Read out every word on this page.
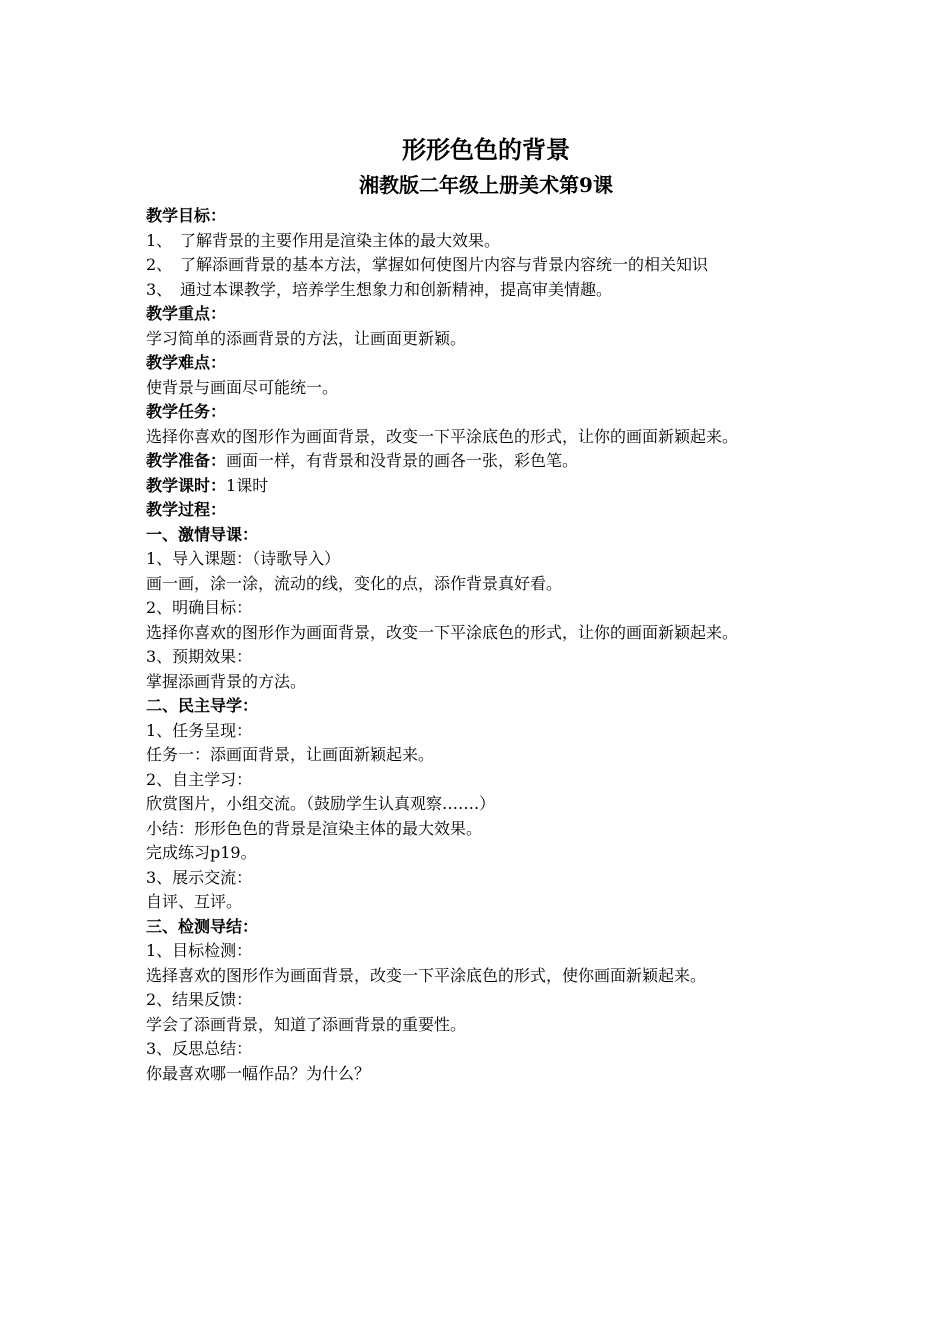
形形色色的背景
湘教版二年级上册美术第9课

教学目标：

1、 了解背景的主要作用是渲染主体的最大效果。

2、 了解添画背景的基本方法，掌握如何使图片内容与背景内容统一的相关知识

3、 通过本课教学，培养学生想象力和创新精神，提高审美情趣。

教学重点：

学习简单的添画背景的方法，让画面更新颖。

教学难点：

使背景与画面尽可能统一。

教学任务：

选择你喜欢的图形作为画面背景，改变一下平涂底色的形式，让你的画面新颖起来。

教学准备：画面一样，有背景和没背景的画各一张，彩色笔。

教学课时：1课时

教学过程：

一、激情导课：

1、导入课题：（诗歌导入）

画一画，涂一涂，流动的线，变化的点，添作背景真好看。

2、明确目标：

选择你喜欢的图形作为画面背景，改变一下平涂底色的形式，让你的画面新颖起来。

3、预期效果：

掌握添画背景的方法。

二、民主导学：

1、任务呈现：

任务一：添画面背景，让画面新颖起来。

2、自主学习：

欣赏图片，小组交流。（鼓励学生认真观察…….）

小结：形形色色的背景是渲染主体的最大效果。

完成练习p19。

3、展示交流：

自评、互评。

三、检测导结：

1、目标检测：

选择喜欢的图形作为画面背景，改变一下平涂底色的形式，使你画面新颖起来。

2、结果反馈：

学会了添画背景，知道了添画背景的重要性。

3、反思总结：

你最喜欢哪一幅作品？为什么？
